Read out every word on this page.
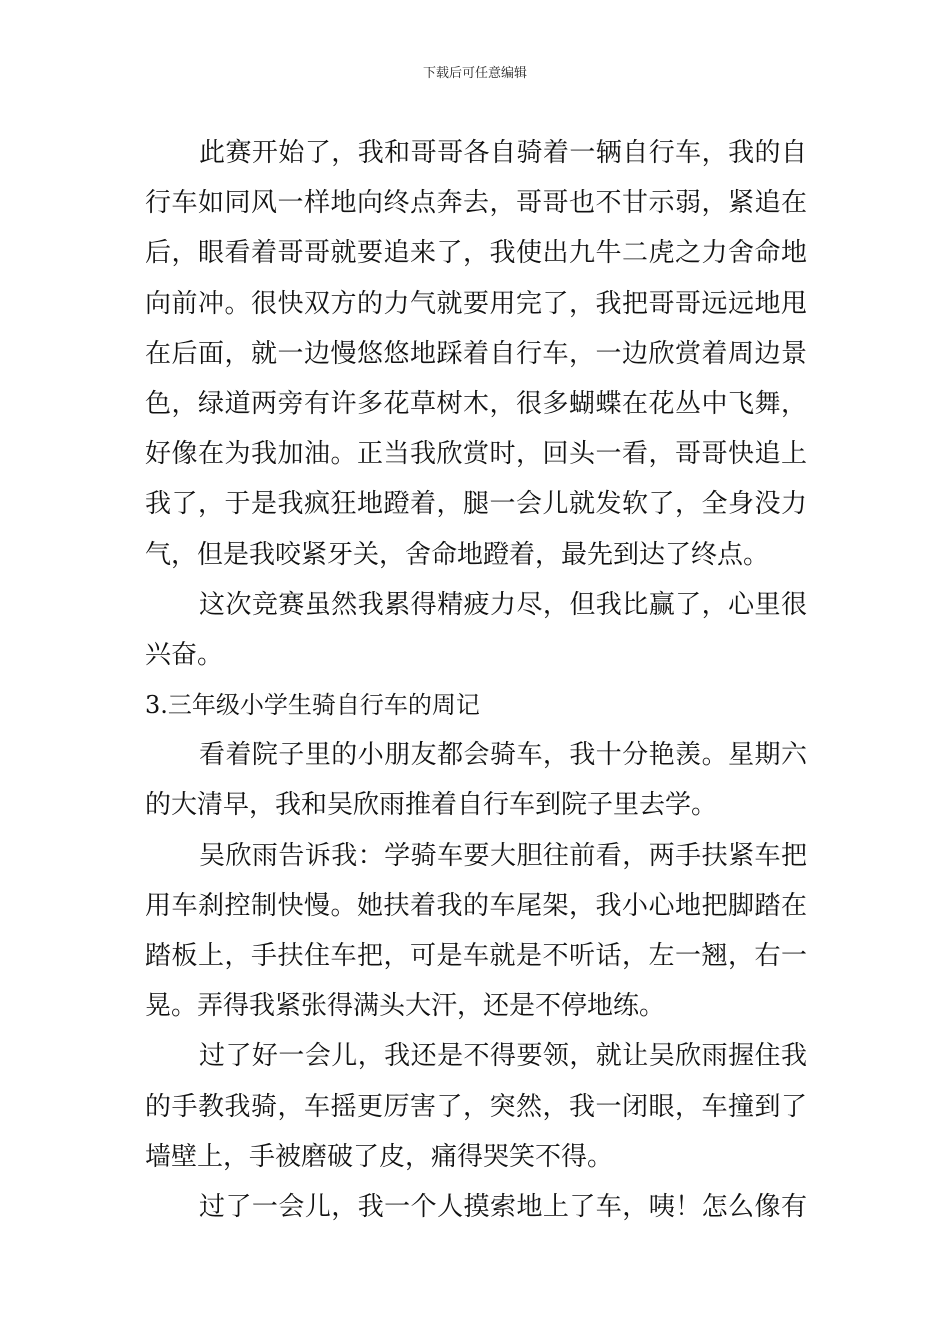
下载后可任意编辑
此赛开始了，我和哥哥各自骑着一辆自行车，我的自
行车如同风一样地向终点奔去，哥哥也不甘示弱，紧追在
后，眼看着哥哥就要追来了，我使出九牛二虎之力舍命地
向前冲。很快双方的力气就要用完了，我把哥哥远远地甩
在后面，就一边慢悠悠地踩着自行车，一边欣赏着周边景
色，绿道两旁有许多花草树木，很多蝴蝶在花丛中飞舞，
好像在为我加油。正当我欣赏时，回头一看，哥哥快追上
我了，于是我疯狂地蹬着，腿一会儿就发软了，全身没力
气，但是我咬紧牙关，舍命地蹬着，最先到达了终点。
这次竞赛虽然我累得精疲力尽，但我比赢了，心里很
兴奋。
3.三年级小学生骑自行车的周记
看着院子里的小朋友都会骑车，我十分艳羡。星期六
的大清早，我和吴欣雨推着自行车到院子里去学。
吴欣雨告诉我：学骑车要大胆往前看，两手扶紧车把
用车刹控制快慢。她扶着我的车尾架，我小心地把脚踏在
踏板上，手扶住车把，可是车就是不听话，左一翘，右一
晃。弄得我紧张得满头大汗，还是不停地练。
过了好一会儿，我还是不得要领，就让吴欣雨握住我
的手教我骑，车摇更厉害了，突然，我一闭眼，车撞到了
墙壁上，手被磨破了皮，痛得哭笑不得。
过了一会儿，我一个人摸索地上了车，咦！怎么像有
